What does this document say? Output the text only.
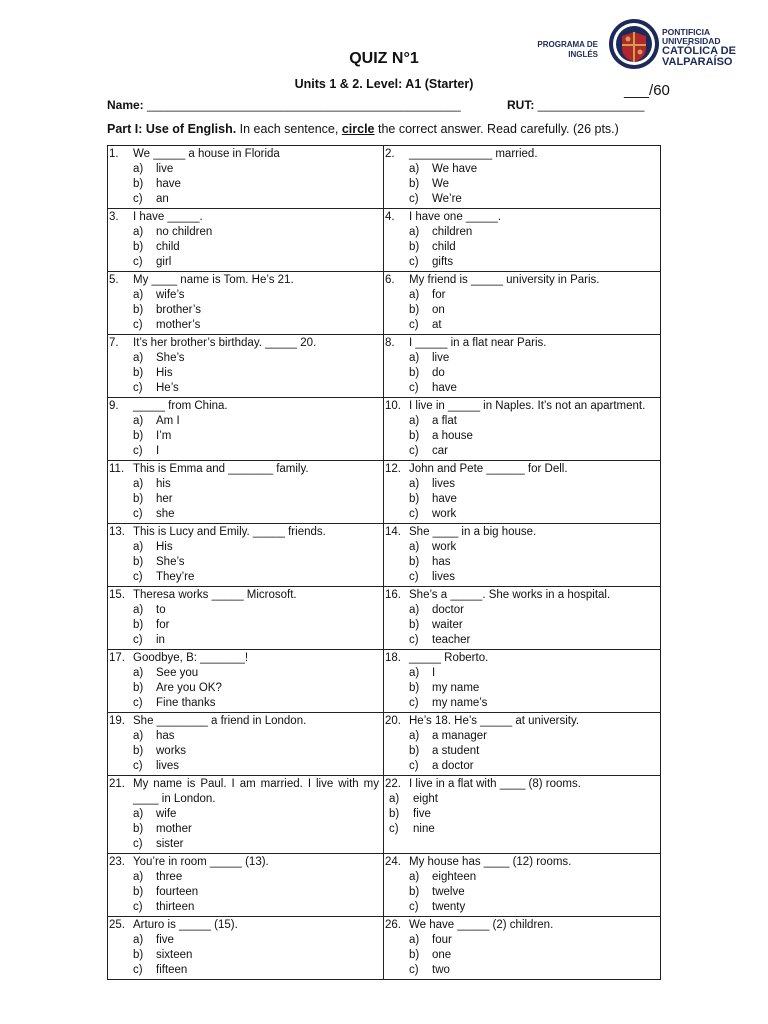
PROGRAMA DE
INGLÉS
PONTIFICIA
UNIVERSIDAD
CATÓLICA DE
VALPARAÍSO
QUIZ N°1
Units 1 & 2. Level: A1 (Starter)	___/60
Name: _______________________________________________	RUT: ________________
Part I: Use of English. In each sentence, circle the correct answer. Read carefully. (26 pts.)
1.	We _____ a house in Florida
a)	live
b)	have
c)	an
2.	_____________ married.
a)	We have
b)	We
c)	We’re
3.	I have _____.
a)	no children
b)	child
c)	girl
4.	I have one _____.
a)	children
b)	child
c)	gifts
5.	My ____ name is Tom. He’s 21.
a)	wife’s
b)	brother’s
c)	mother’s
6.	My friend is _____ university in Paris.
a)	for
b)	on
c)	at
7.	It’s her brother’s birthday. _____ 20.
a)	She’s
b)	His
c)	He’s
8.	I _____ in a flat near Paris.
a)	live
b)	do
c)	have
9.	_____ from China.
a)	Am I
b)	I’m
c)	I
10. I live in _____ in Naples. It’s not an apartment.
a)	a flat
b)	a house
c)	car
11. This is Emma and _______ family.
a)	his
b)	her
c)	she
12. John and Pete ______ for Dell.
a)	lives
b)	have
c)	work
13. This is Lucy and Emily. _____ friends.
a)	His
b)	She’s
c)	They’re
14. She ____ in a big house.
a)	work
b)	has
c)	lives
15. Theresa works _____ Microsoft.
a)	to
b)	for
c)	in
16. She’s a _____. She works in a hospital.
a)	doctor
b)	waiter
c)	teacher
17. Goodbye, B: _______!
a)	See you
b)	Are you OK?
c)	Fine thanks
18. _____ Roberto.
a)	I
b)	my name
c)	my name’s
19. She ________ a friend in London.
a)	has
b)	works
c)	lives
20. He’s 18. He’s _____ at university.
a)	a manager
b)	a student
c)	a doctor
21. My name is Paul. I am married. I live with my ____ in London.
a)	wife
b)	mother
c)	sister
22. I live in a flat with ____ (8) rooms.
a)	eight
b)	five
c)	nine
23. You’re in room _____ (13).
a)	three
b)	fourteen
c)	thirteen
24. My house has ____ (12) rooms.
a)	eighteen
b)	twelve
c)	twenty
25. Arturo is _____ (15).
a)	five
b)	sixteen
c)	fifteen
26. We have _____ (2) children.
a)	four
b)	one
c)	two
